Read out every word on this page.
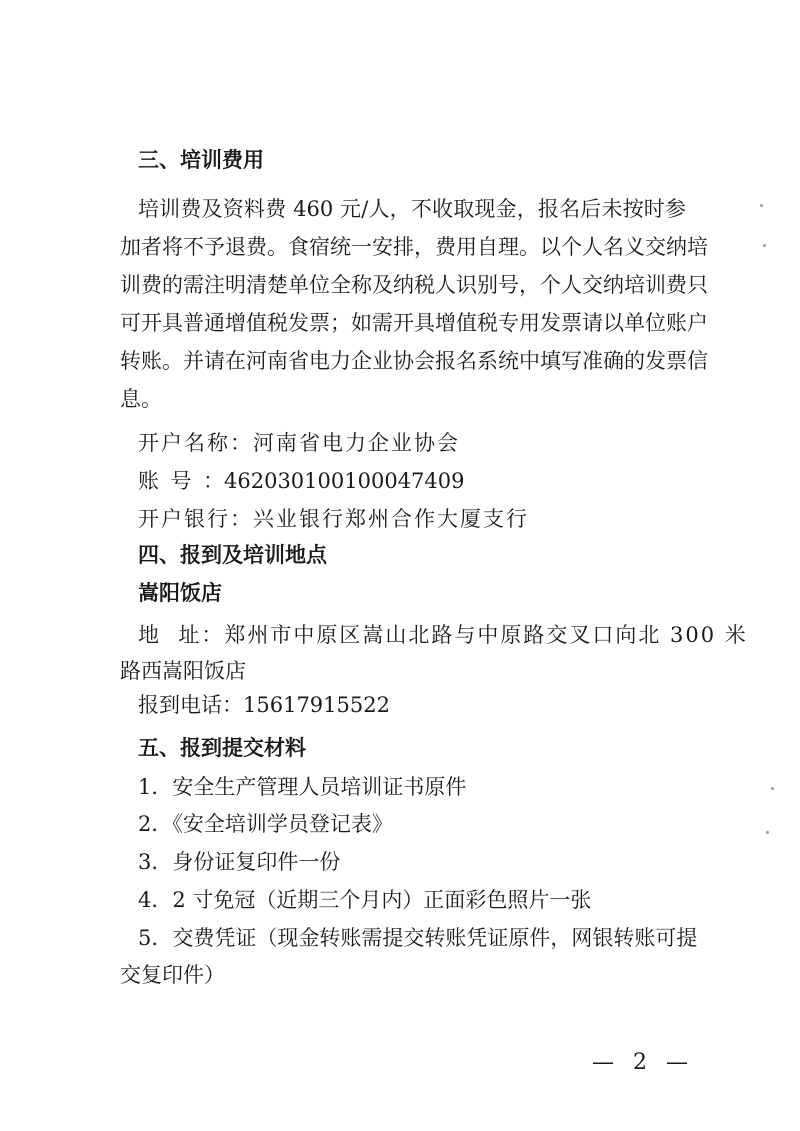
三、培训费用
培训费及资料费 460 元/人，不收取现金，报名后未按时参
加者将不予退费。食宿统一安排，费用自理。以个人名义交纳培
训费的需注明清楚单位全称及纳税人识别号，个人交纳培训费只
可开具普通增值税发票；如需开具增值税专用发票请以单位账户
转账。并请在河南省电力企业协会报名系统中填写准确的发票信
息。
开户名称：河南省电力企业协会
账号：462030100100047409
开户银行：兴业银行郑州合作大厦支行
四、报到及培训地点
嵩阳饭店
地  址：郑州市中原区嵩山北路与中原路交叉口向北 300 米
路西嵩阳饭店
报到电话：15617915522
五、报到提交材料
1．安全生产管理人员培训证书原件
2．《安全培训学员登记表》
3．身份证复印件一份
4．2 寸免冠（近期三个月内）正面彩色照片一张
5．交费凭证（现金转账需提交转账凭证原件，网银转账可提
交复印件）
— 2 —
